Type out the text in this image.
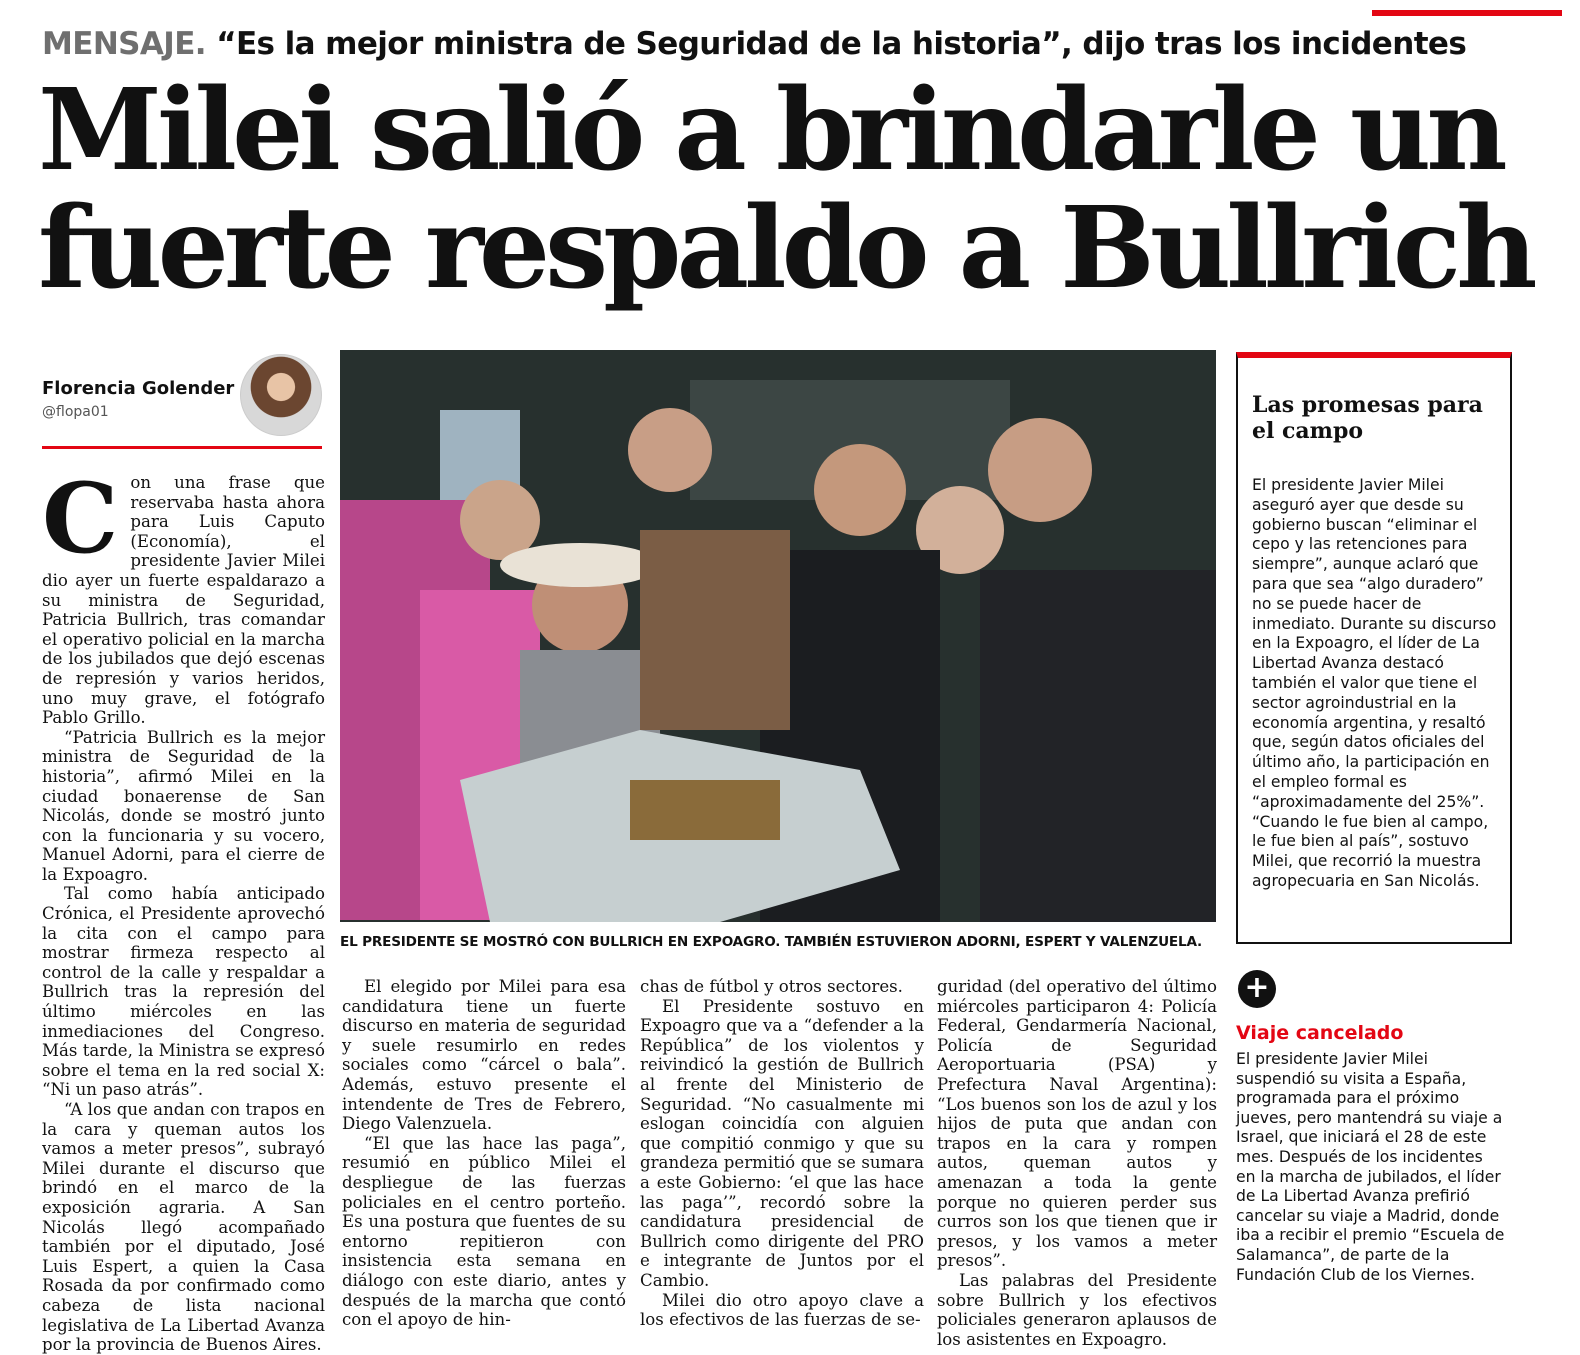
MENSAJE. “Es la mejor ministra de Seguridad de la historia”, dijo tras los incidentes
Milei salió a brindarle un fuerte respaldo a Bullrich
Florencia Golender
@flopa01
C on una frase que reservaba hasta ahora para Luis Caputo (Economía), el presidente Javier Milei dio ayer un fuerte espaldarazo a su ministra de Seguridad, Patricia Bullrich, tras comandar el operativo policial en la marcha de los jubilados que dejó escenas de represión y varios heridos, uno muy grave, el fotógrafo Pablo Grillo.

“Patricia Bullrich es la mejor ministra de Seguridad de la historia”, afirmó Milei en la ciudad bonaerense de San Nicolás, donde se mostró junto con la funcionaria y su vocero, Manuel Adorni, para el cierre de la Expoagro.

Tal como había anticipado Crónica, el Presidente aprovechó la cita con el campo para mostrar firmeza respecto al control de la calle y respaldar a Bullrich tras la represión del último miércoles en las inmediaciones del Congreso. Más tarde, la Ministra se expresó sobre el tema en la red social X: “Ni un paso atrás”.

“A los que andan con trapos en la cara y queman autos los vamos a meter presos”, subrayó Milei durante el discurso que brindó en el marco de la exposición agraria. A San Nicolás llegó acompañado también por el diputado, José Luis Espert, a quien la Casa Rosada da por confirmado como cabeza de lista nacional legislativa de La Libertad Avanza por la provincia de Buenos Aires.

EL PRESIDENTE SE MOSTRÓ CON BULLRICH EN EXPOAGRO. TAMBIÉN ESTUVIERON ADORNI, ESPERT Y VALENZUELA.

El elegido por Milei para esa candidatura tiene un fuerte discurso en materia de seguridad y suele resumirlo en redes sociales como “cárcel o bala”. Además, estuvo presente el intendente de Tres de Febrero, Diego Valenzuela.

“El que las hace las paga”, resumió en público Milei el despliegue de las fuerzas policiales en el centro porteño. Es una postura que fuentes de su entorno repitieron con insistencia esta semana en diálogo con este diario, antes y después de la marcha que contó con el apoyo de hin-

chas de fútbol y otros sectores.

El Presidente sostuvo en Expoagro que va a “defender a la República” de los violentos y reivindicó la gestión de Bullrich al frente del Ministerio de Seguridad. “No casualmente mi eslogan coincidía con alguien que compitió conmigo y que su grandeza permitió que se sumara a este Gobierno: ‘el que las hace las paga’”, recordó sobre la candidatura presidencial de Bullrich como dirigente del PRO e integrante de Juntos por el Cambio.

Milei dio otro apoyo clave a los efectivos de las fuerzas de se-

guridad (del operativo del último miércoles participaron 4: Policía Federal, Gendarmería Nacional, Policía de Seguridad Aeroportuaria (PSA) y Prefectura Naval Argentina): “Los buenos son los de azul y los hijos de puta que andan con trapos en la cara y rompen autos, queman autos y amenazan a toda la gente porque no quieren perder sus curros son los que tienen que ir presos, y los vamos a meter presos”.

Las palabras del Presidente sobre Bullrich y los efectivos policiales generaron aplausos de los asistentes en Expoagro.

Las promesas para el campo

El presidente Javier Milei aseguró ayer que desde su gobierno buscan “eliminar el cepo y las retenciones para siempre”, aunque aclaró que para que sea “algo duradero” no se puede hacer de inmediato. Durante su discurso en la Expoagro, el líder de La Libertad Avanza destacó también el valor que tiene el sector agroindustrial en la economía argentina, y resaltó que, según datos oficiales del último año, la participación en el empleo formal es “aproximadamente del 25%”.

“Cuando le fue bien al campo, le fue bien al país”, sostuvo Milei, que recorrió la muestra agropecuaria en San Nicolás.

+
Viaje cancelado

El presidente Javier Milei suspendió su visita a España, programada para el próximo jueves, pero mantendrá su viaje a Israel, que iniciará el 28 de este mes. Después de los incidentes en la marcha de jubilados, el líder de La Libertad Avanza prefirió cancelar su viaje a Madrid, donde iba a recibir el premio “Escuela de Salamanca”, de parte de la Fundación Club de los Viernes.
